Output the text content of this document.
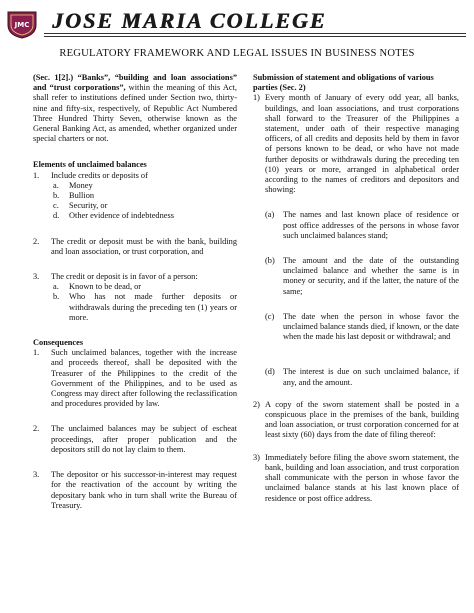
JMC JOSE MARIA COLLEGE
REGULATORY FRAMEWORK AND LEGAL ISSUES IN BUSINESS NOTES
(Sec. 1[2].) “Banks”, “building and loan associations” and “trust corporations”, within the meaning of this Act, shall refer to institutions defined under Section two, thirty-nine and fifty-six, respectively, of Republic Act Numbered Three Hundred Thirty Seven, otherwise known as the General Banking Act, as amended, whether organized under special charters or not.
Elements of unclaimed balances
1. Include credits or deposits of
a. Money
b. Bullion
c. Security, or
d. Other evidence of indebtedness
2. The credit or deposit must be with the bank, building and loan association, or trust corporation, and
3. The credit or deposit is in favor of a person:
a. Known to be dead, or
b. Who has not made further deposits or withdrawals during the preceding ten (1) years or more.
Consequences
1. Such unclaimed balances, together with the increase and proceeds thereof, shall be deposited with the Treasurer of the Philippines to the credit of the Government of the Philippines, and to be used as Congress may direct after following the reclassification and procedures provided by law.
2. The unclaimed balances may be subject of escheat proceedings, after proper publication and the depositors still do not lay claim to them.
3. The depositor or his successor-in-interest may request for the reactivation of the account by writing the depositary bank who in turn shall write the Bureau of Treasury.
Submission of statement and obligations of various parties (Sec. 2)
1) Every month of January of every odd year, all banks, buildings, and loan associations, and trust corporations shall forward to the Treasurer of the Philippines a statement, under oath of their respective managing officers, of all credits and deposits held by them in favor of persons known to be dead, or who have not made further deposits or withdrawals during the preceding ten (10) years or more, arranged in alphabetical order according to the names of creditors and depositors and showing:
(a) The names and last known place of residence or post office addresses of the persons in whose favor such unclaimed balances stand;
(b) The amount and the date of the outstanding unclaimed balance and whether the same is in money or security, and if the latter, the nature of the same;
(c) The date when the person in whose favor the unclaimed balance stands died, if known, or the date when the made his last deposit or withdrawal; and
(d) The interest is due on such unclaimed balance, if any, and the amount.
2) A copy of the sworn statement shall be posted in a conspicuous place in the premises of the bank, building and loan association, or trust corporation concerned for at least sixty (60) days from the date of filing thereof:
3) Immediately before filing the above sworn statement, the bank, building and loan association, and trust corporation shall communicate with the person in whose favor the unclaimed balance stands at his last known place of residence or post office address.
